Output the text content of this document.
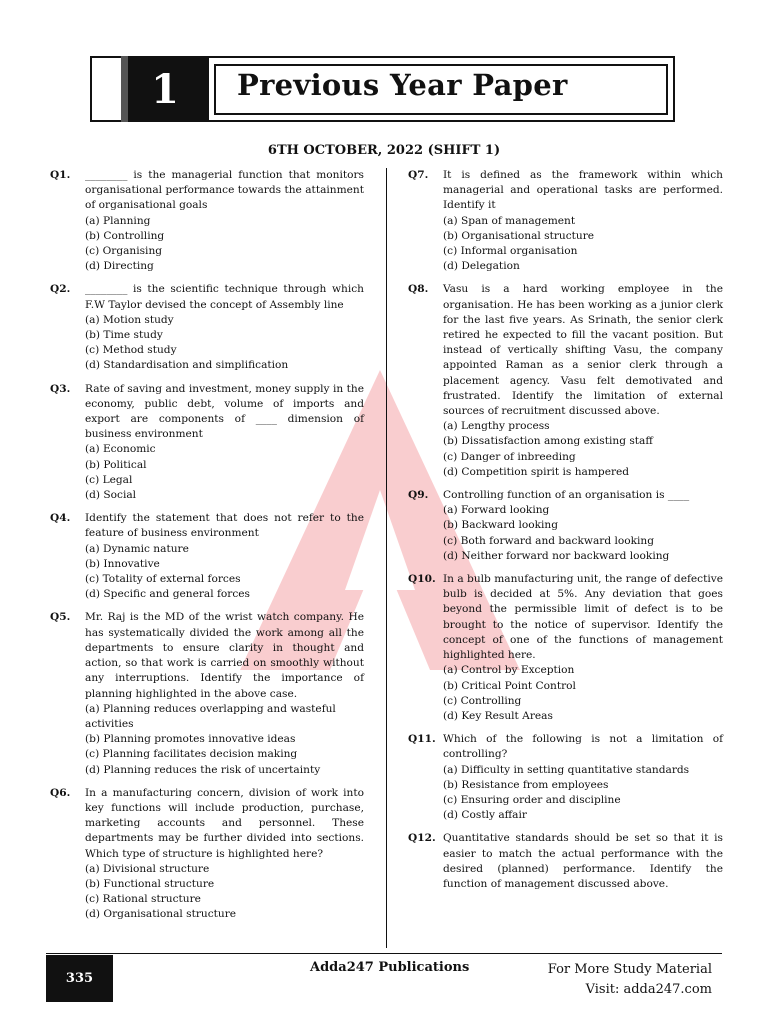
1 Previous Year Paper
6TH OCTOBER, 2022 (SHIFT 1)
Q1.	________ is the managerial function that monitors organisational performance towards the attainment of organisational goals
(a) Planning
(b) Controlling
(c) Organising
(d) Directing
Q2.	________ is the scientific technique through which F.W Taylor devised the concept of Assembly line
(a) Motion study
(b) Time study
(c) Method study
(d) Standardisation and simplification
Q3.	Rate of saving and investment, money supply in the economy, public debt, volume of imports and export are components of ____ dimension of business environment
(a) Economic
(b) Political
(c) Legal
(d) Social
Q4.	Identify the statement that does not refer to the feature of business environment
(a) Dynamic nature
(b) Innovative
(c) Totality of external forces
(d) Specific and general forces
Q5.	Mr. Raj is the MD of the wrist watch company. He has systematically divided the work among all the departments to ensure clarity in thought and action, so that work is carried on smoothly without any interruptions. Identify the importance of planning highlighted in the above case.
(a) Planning reduces overlapping and wasteful activities
(b) Planning promotes innovative ideas
(c) Planning facilitates decision making
(d) Planning reduces the risk of uncertainty
Q6.	In a manufacturing concern, division of work into key functions will include production, purchase, marketing accounts and personnel. These departments may be further divided into sections. Which type of structure is highlighted here?
(a) Divisional structure
(b) Functional structure
(c) Rational structure
(d) Organisational structure
Q7.	It is defined as the framework within which managerial and operational tasks are performed. Identify it
(a) Span of management
(b) Organisational structure
(c) Informal organisation
(d) Delegation
Q8.	Vasu is a hard working employee in the organisation. He has been working as a junior clerk for the last five years. As Srinath, the senior clerk retired he expected to fill the vacant position. But instead of vertically shifting Vasu, the company appointed Raman as a senior clerk through a placement agency. Vasu felt demotivated and frustrated. Identify the limitation of external sources of recruitment discussed above.
(a) Lengthy process
(b) Dissatisfaction among existing staff
(c) Danger of inbreeding
(d) Competition spirit is hampered
Q9.	Controlling function of an organisation is ____
(a) Forward looking
(b) Backward looking
(c) Both forward and backward looking
(d) Neither forward nor backward looking
Q10. In a bulb manufacturing unit, the range of defective bulb is decided at 5%. Any deviation that goes beyond the permissible limit of defect is to be brought to the notice of supervisor. Identify the concept of one of the functions of management highlighted here.
(a) Control by Exception
(b) Critical Point Control
(c) Controlling
(d) Key Result Areas
Q11. Which of the following is not a limitation of controlling?
(a) Difficulty in setting quantitative standards
(b) Resistance from employees
(c) Ensuring order and discipline
(d) Costly affair
Q12. Quantitative standards should be set so that it is easier to match the actual performance with the desired (planned) performance. Identify the function of management discussed above.
335
Adda247 Publications	For More Study Material
Visit: adda247.com
